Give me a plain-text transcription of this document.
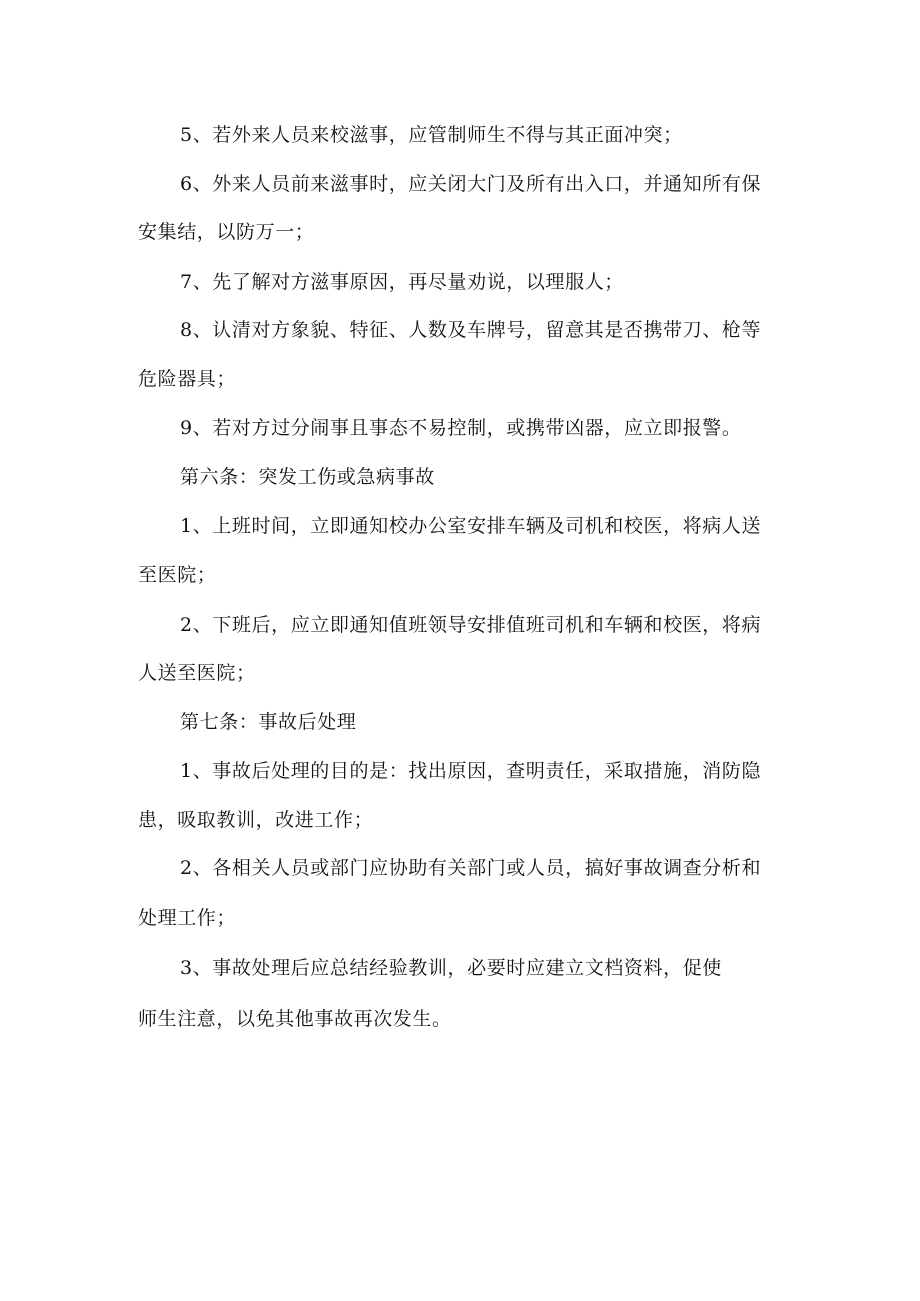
5、若外来人员来校滋事，应管制师生不得与其正面冲突；
6、外来人员前来滋事时，应关闭大门及所有出入口，并通知所有保
安集结，以防万一；
7、先了解对方滋事原因，再尽量劝说，以理服人；
8、认清对方象貌、特征、人数及车牌号，留意其是否携带刀、枪等
危险器具；
9、若对方过分闹事且事态不易控制，或携带凶器，应立即报警。
第六条：突发工伤或急病事故
1、上班时间，立即通知校办公室安排车辆及司机和校医，将病人送
至医院；
2、下班后，应立即通知值班领导安排值班司机和车辆和校医，将病
人送至医院；
第七条：事故后处理
1、事故后处理的目的是：找出原因，查明责任，采取措施，消防隐
患，吸取教训，改进工作；
2、各相关人员或部门应协助有关部门或人员，搞好事故调查分析和
处理工作；
3、事故处理后应总结经验教训，必要时应建立文档资料，促使
师生注意，以免其他事故再次发生。
